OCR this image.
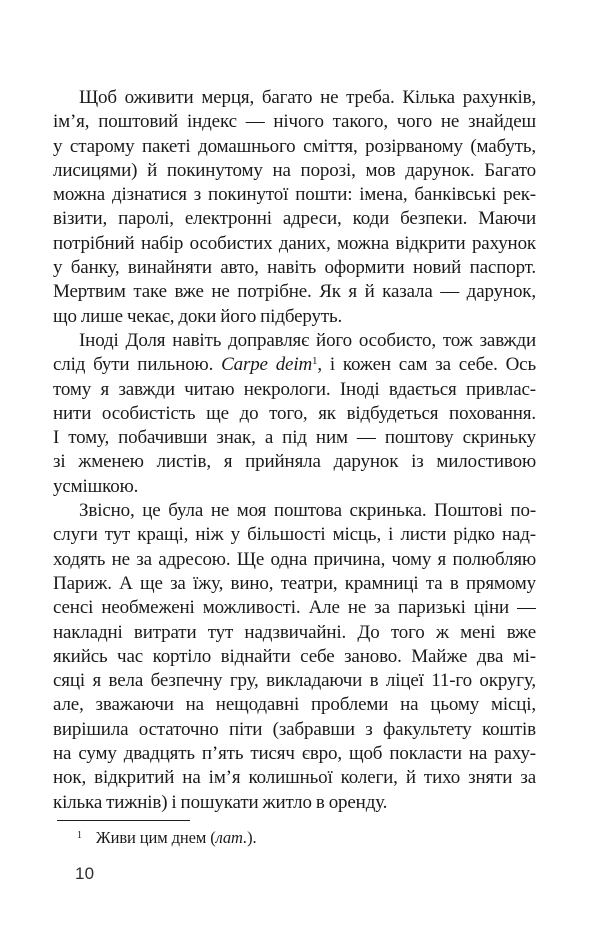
Щоб оживити мерця, багато не треба. Кілька рахунків,
ім’я, поштовий індекс — нічого такого, чого не знайдеш
у старому пакеті домашнього сміття, розірваному (мабуть,
лисицями) й покинутому на порозі, мов дарунок. Багато
можна дізнатися з покинутої пошти: імена, банківські рек-
візити, паролі, електронні адреси, коди безпеки. Маючи
потрібний набір особистих даних, можна відкрити рахунок
у банку, винайняти авто, навіть оформити новий паспорт.
Мертвим таке вже не потрібне. Як я й казала — дарунок,
що лише чекає, доки його підберуть.
Іноді Доля навіть доправляє його особисто, тож завжди
слід бути пильною. Carpe deim$^1$, і кожен сам за себе. Ось
тому я завжди читаю некрологи. Іноді вдається привлас-
нити особистість ще до того, як відбудеться поховання.
І тому, побачивши знак, а під ним — поштову скриньку
зі жменею листів, я прийняла дарунок із милостивою
усмішкою.
Звісно, це була не моя поштова скринька. Поштові по-
слуги тут кращі, ніж у більшості місць, і листи рідко над-
ходять не за адресою. Ще одна причина, чому я полюбляю
Париж. А ще за їжу, вино, театри, крамниці та в прямому
сенсі необмежені можливості. Але не за паризькі ціни —
накладні витрати тут надзвичайні. До того ж мені вже
якийсь час кортіло віднайти себе заново. Майже два мі-
сяці я вела безпечну гру, викладаючи в ліцеї 11-го округу,
але, зважаючи на нещодавні проблеми на цьому місці,
вирішила остаточно піти (забравши з факультету коштів
на суму двадцять п’ять тисяч євро, щоб покласти на раху-
нок, відкритий на ім’я колишньої колеги, й тихо зняти за
кілька тижнів) і пошукати житло в оренду.
$^1$ Живи цим днем (лат.).
10
